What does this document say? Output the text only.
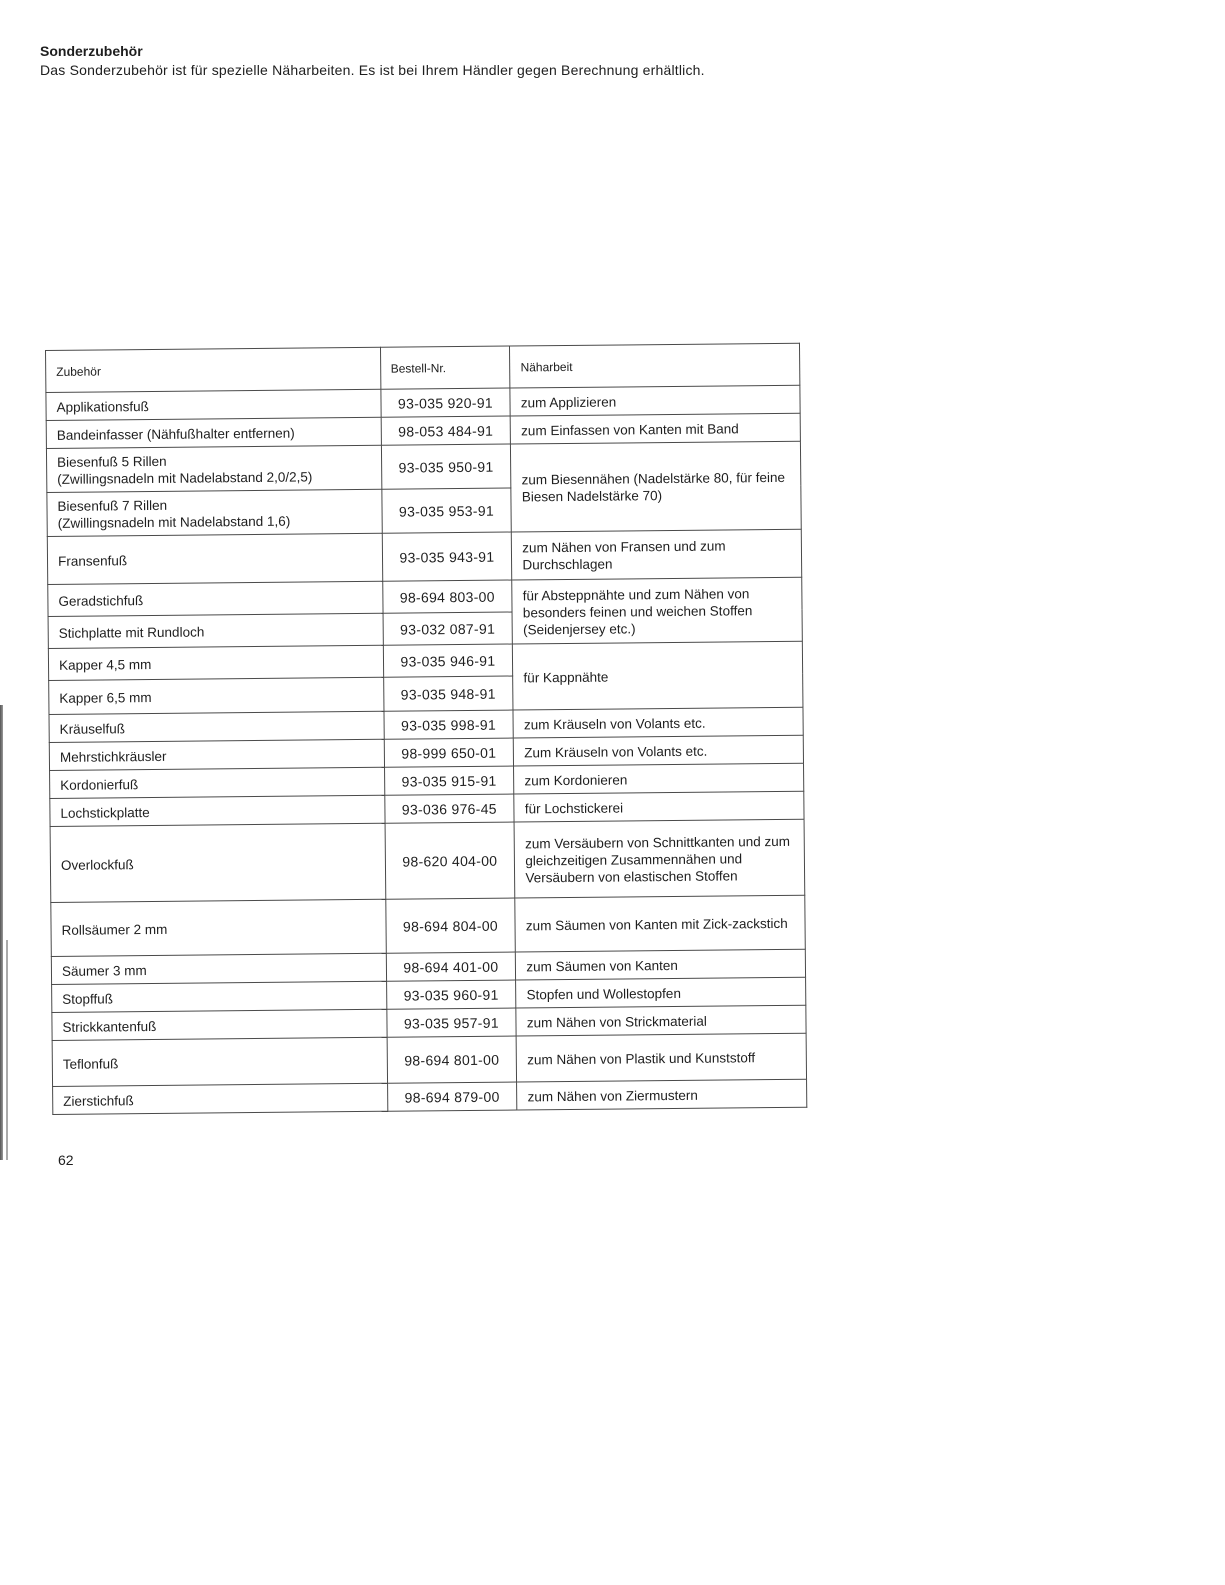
Sonderzubehör

Das Sonderzubehör ist für spezielle Näharbeiten. Es ist bei Ihrem Händler gegen Berechnung erhältlich.

Zubehör	Bestell-Nr.	Näharbeit
Applikationsfuß	93-035 920-91	zum Applizieren
Bandeinfasser (Nähfußhalter entfernen)	98-053 484-91	zum Einfassen von Kanten mit Band

Biesenfuß 5 Rillen
(Zwillingsnadeln mit Nadelabstand 2,0/2,5)	93-035 950-91	zum Biesennähen (Nadelstärke 80, für feine Biesen Nadelstärke 70)

Biesenfuß 7 Rillen
(Zwillingsnadeln mit Nadelabstand 1,6)	93-035 953-91	
Fransenfuß	93-035 943-91	zum Nähen von Fransen und zum Durchschlagen
Geradstichfuß	98-694 803-00	für Absteppnähte und zum Nähen von besonders feinen und weichen Stoffen (Seidenjersey etc.)
Stichplatte mit Rundloch	93-032 087-91	
Kapper 4,5 mm	93-035 946-91	für Kappnähte
Kapper 6,5 mm	93-035 948-91	
Kräuselfuß	93-035 998-91	zum Kräuseln von Volants etc.
Mehrstichkräusler	98-999 650-01	Zum Kräuseln von Volants etc.
Kordonierfuß	93-035 915-91	zum Kordonieren
Lochstickplatte	93-036 976-45	für Lochstickerei
Overlockfuß	98-620 404-00	zum Versäubern von Schnittkanten und zum gleichzeitigen Zusammennähen und Versäubern von elastischen Stoffen
Rollsäumer 2 mm	98-694 804-00	zum Säumen von Kanten mit Zick-zackstich
Säumer 3 mm	98-694 401-00	zum Säumen von Kanten
Stopffuß	93-035 960-91	Stopfen und Wollestopfen
Strickkantenfuß	93-035 957-91	zum Nähen von Strickmaterial
Teflonfuß	98-694 801-00	zum Nähen von Plastik und Kunststoff
Zierstichfuß	98-694 879-00	zum Nähen von Ziermustern
62
